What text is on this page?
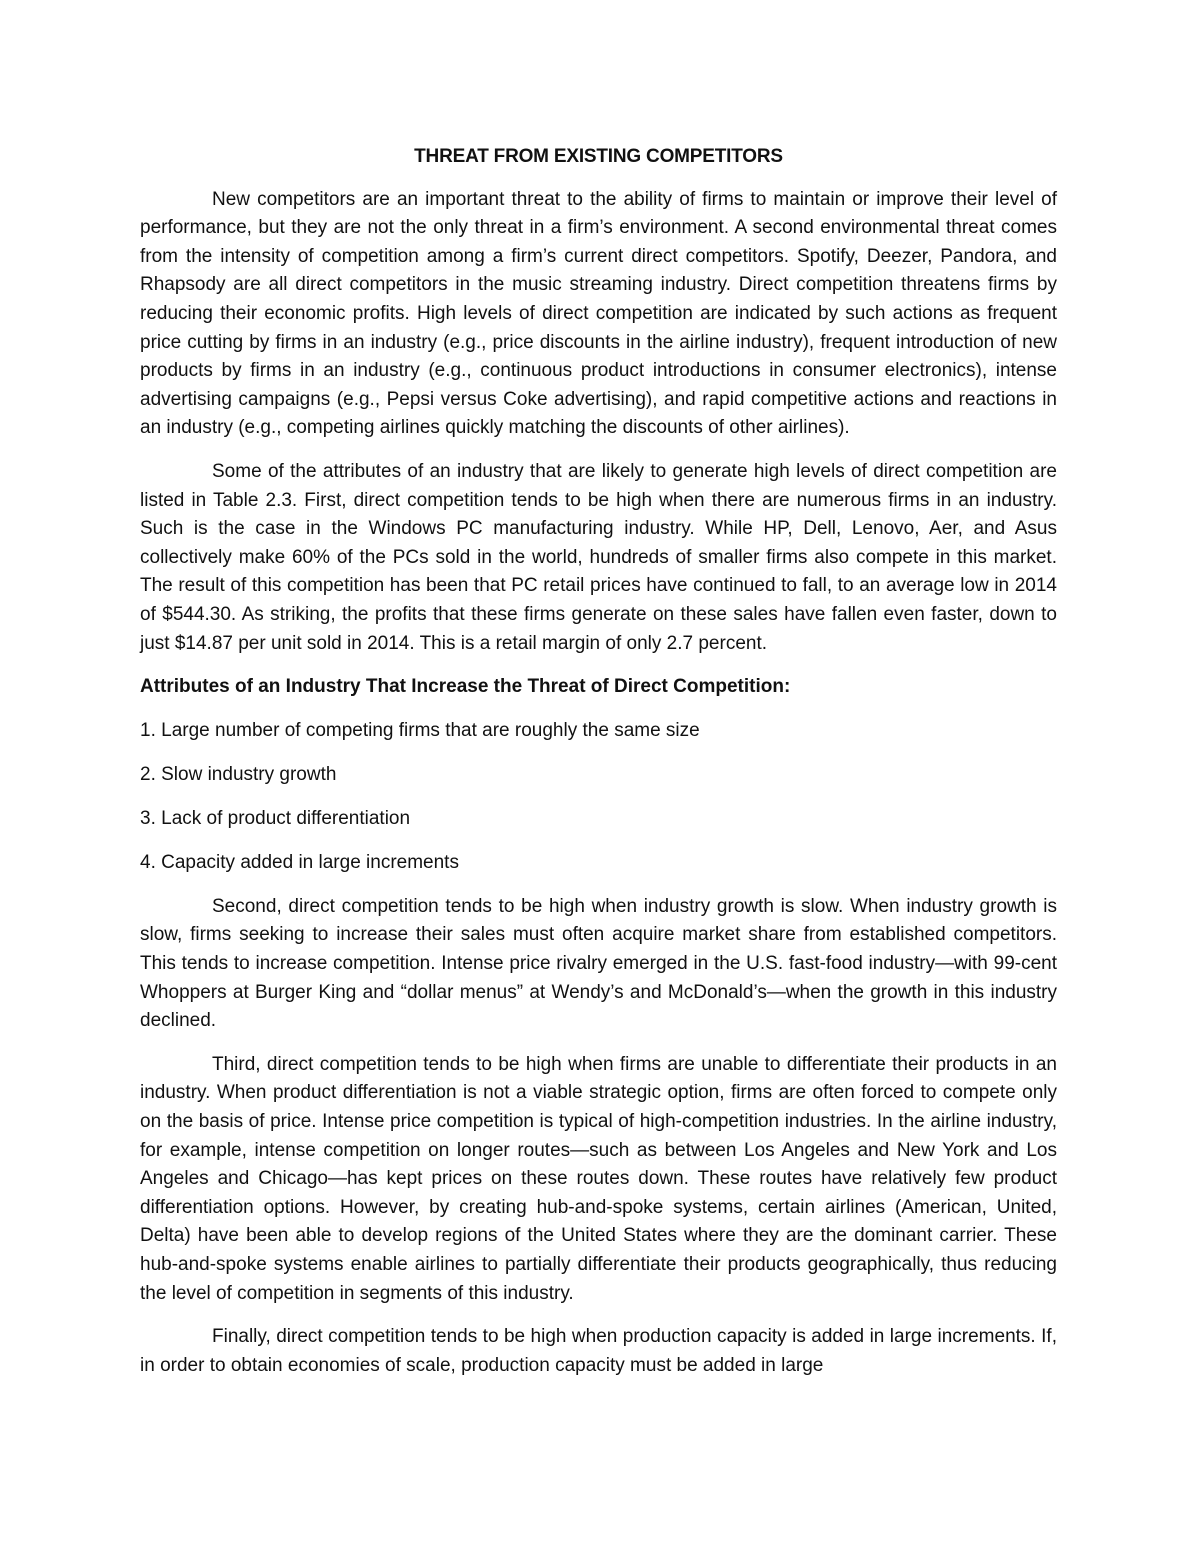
THREAT FROM EXISTING COMPETITORS

New competitors are an important threat to the ability of firms to maintain or improve their level of performance, but they are not the only threat in a firm’s environment. A second environmental threat comes from the intensity of competition among a firm’s current direct competitors. Spotify, Deezer, Pandora, and Rhapsody are all direct competitors in the music streaming industry. Direct competition threatens firms by reducing their economic profits. High levels of direct competition are indicated by such actions as frequent price cutting by firms in an industry (e.g., price discounts in the airline industry), frequent introduction of new products by firms in an industry (e.g., continuous product introductions in consumer electronics), intense advertising campaigns (e.g., Pepsi versus Coke advertising), and rapid competitive actions and reactions in an industry (e.g., competing airlines quickly matching the discounts of other airlines).

Some of the attributes of an industry that are likely to generate high levels of direct competition are listed in Table 2.3. First, direct competition tends to be high when there are numerous firms in an industry. Such is the case in the Windows PC manufacturing industry. While HP, Dell, Lenovo, Aer, and Asus collectively make 60% of the PCs sold in the world, hundreds of smaller firms also compete in this market. The result of this competition has been that PC retail prices have continued to fall, to an average low in 2014 of $544.30. As striking, the profits that these firms generate on these sales have fallen even faster, down to just $14.87 per unit sold in 2014. This is a retail margin of only 2.7 percent.

Attributes of an Industry That Increase the Threat of Direct Competition:
1. Large number of competing firms that are roughly the same size
2. Slow industry growth
3. Lack of product differentiation
4. Capacity added in large increments

Second, direct competition tends to be high when industry growth is slow. When industry growth is slow, firms seeking to increase their sales must often acquire market share from established competitors. This tends to increase competition. Intense price rivalry emerged in the U.S. fast-food industry—with 99-cent Whoppers at Burger King and “dollar menus” at Wendy’s and McDonald’s—when the growth in this industry declined.

Third, direct competition tends to be high when firms are unable to differentiate their products in an industry. When product differentiation is not a viable strategic option, firms are often forced to compete only on the basis of price. Intense price competition is typical of high-competition industries. In the airline industry, for example, intense competition on longer routes—such as between Los Angeles and New York and Los Angeles and Chicago—has kept prices on these routes down. These routes have relatively few product differentiation options. However, by creating hub-and-spoke systems, certain airlines (American, United, Delta) have been able to develop regions of the United States where they are the dominant carrier. These hub-and-spoke systems enable airlines to partially differentiate their products geographically, thus reducing the level of competition in segments of this industry.

Finally, direct competition tends to be high when production capacity is added in large increments. If, in order to obtain economies of scale, production capacity must be added in large
